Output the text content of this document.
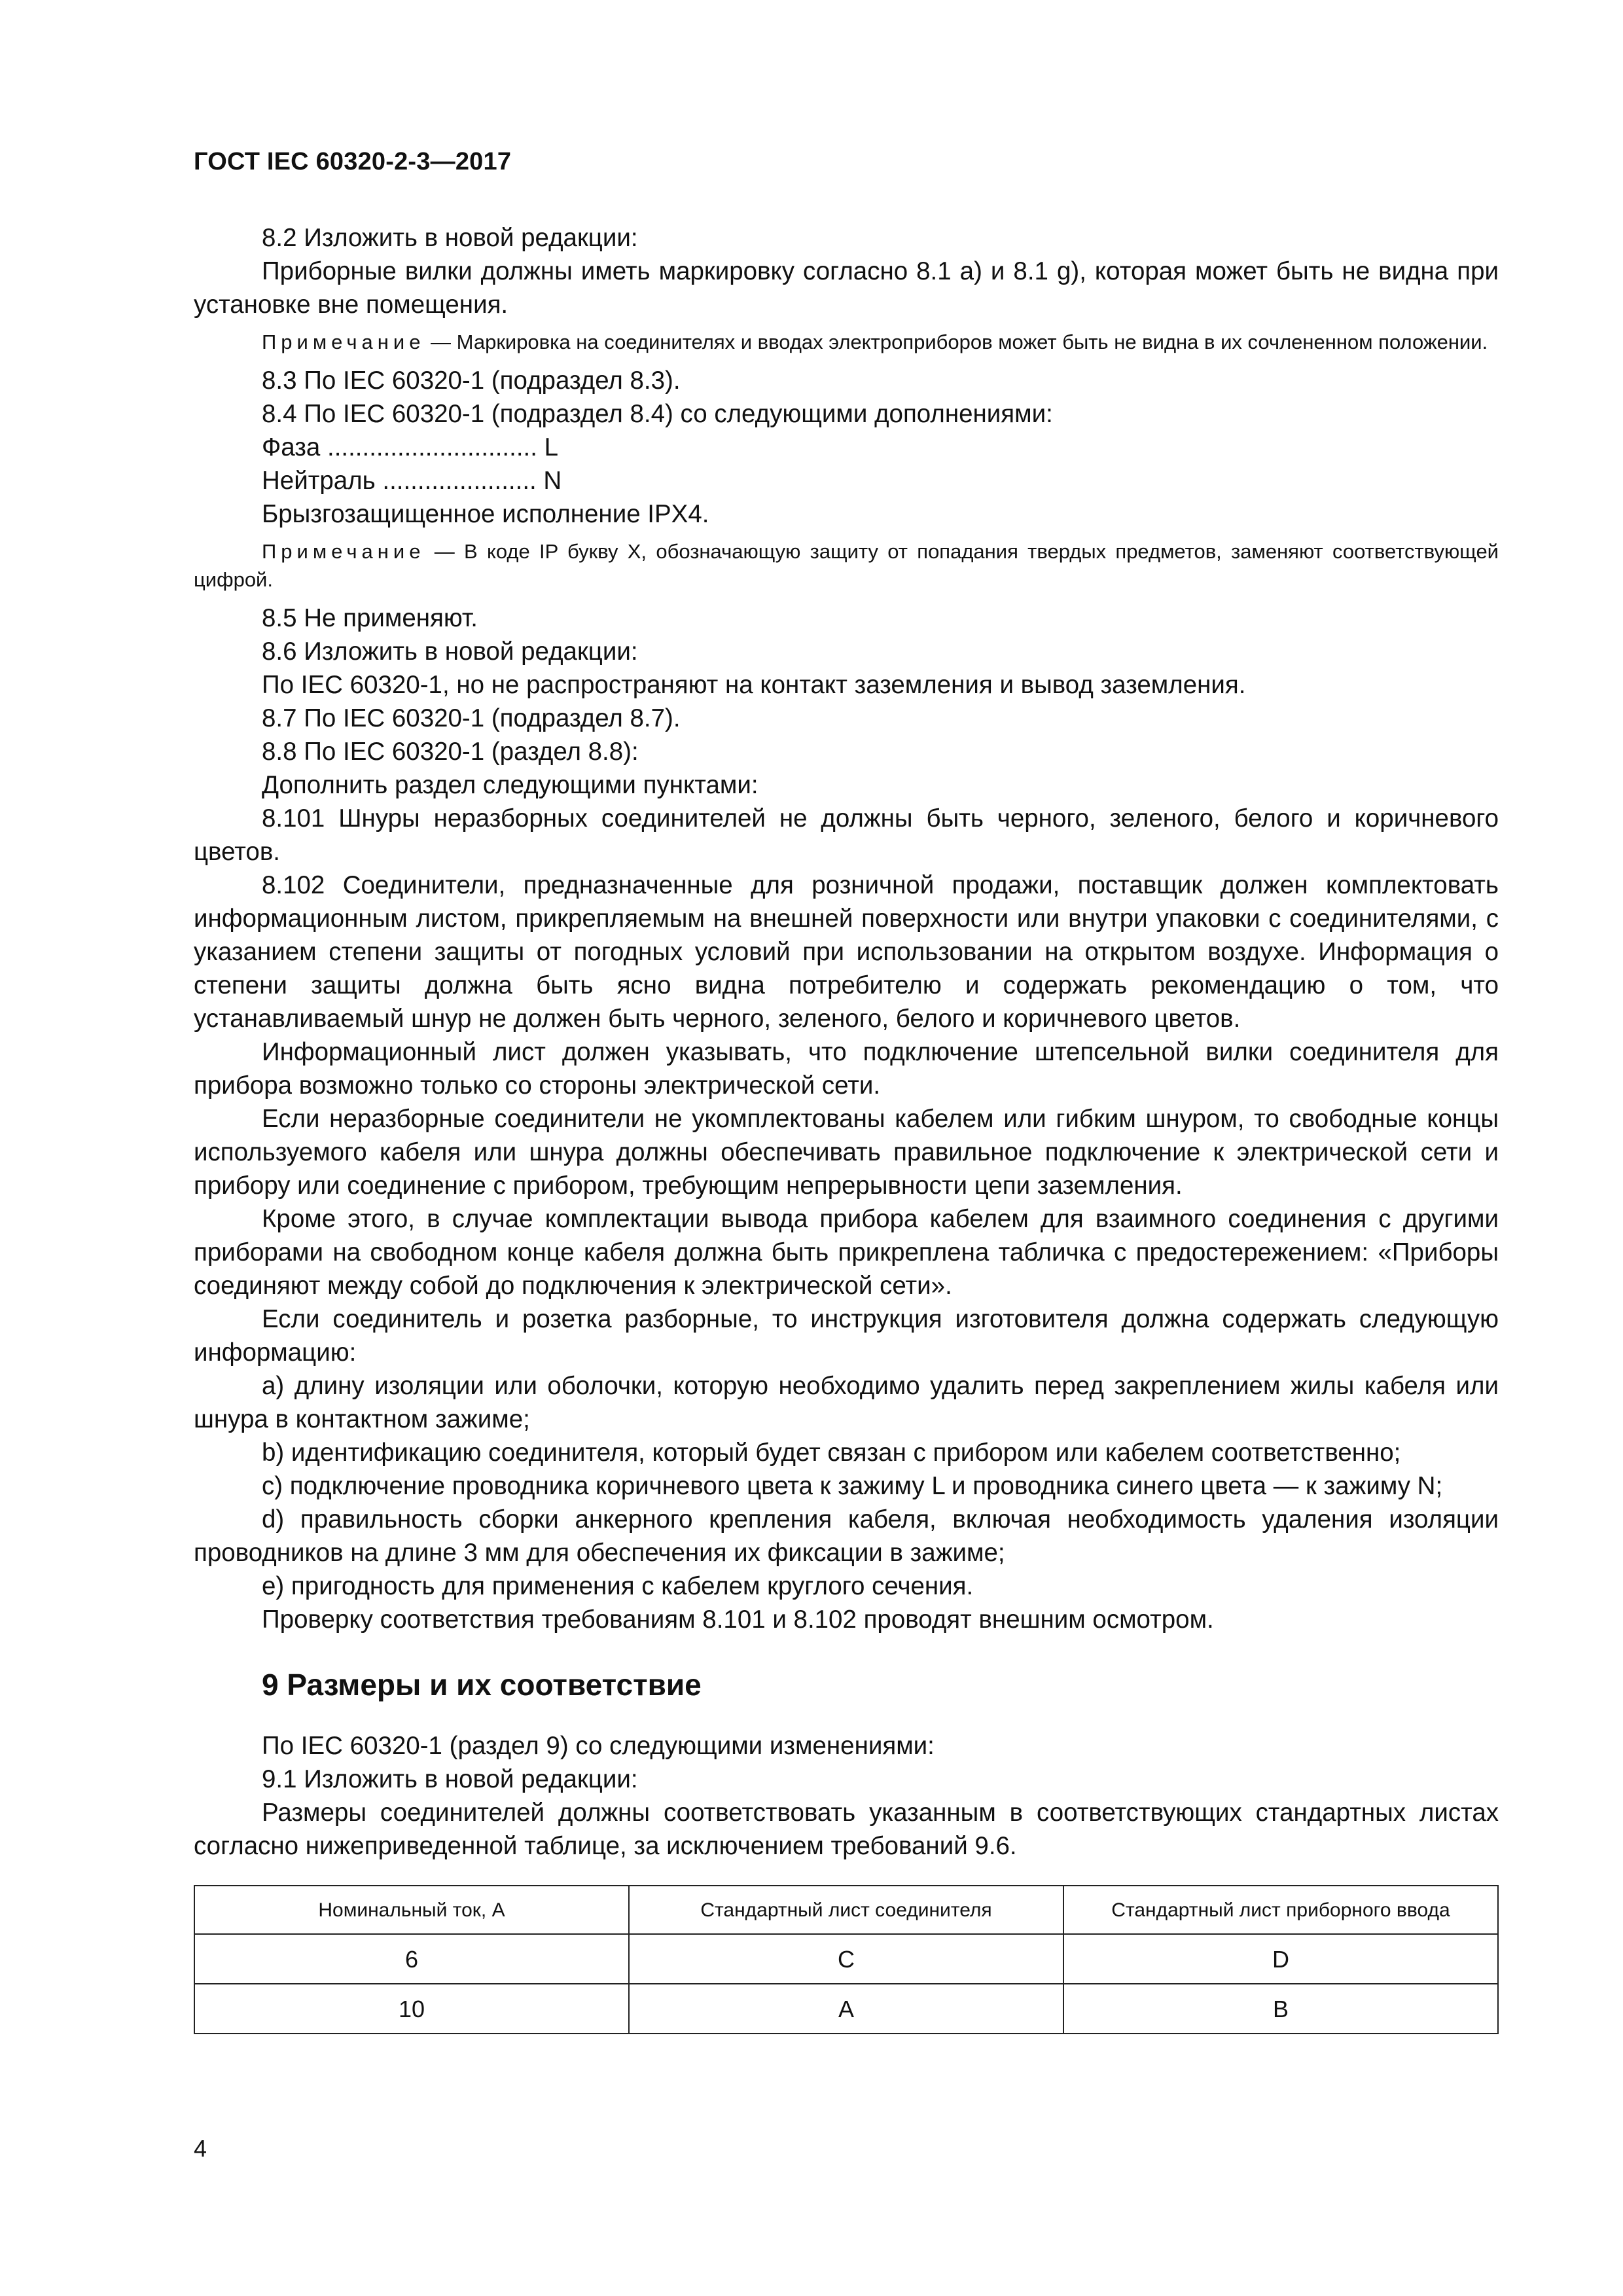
ГОСТ IEC 60320-2-3—2017

8.2 Изложить в новой редакции:

Приборные вилки должны иметь маркировку согласно 8.1 а) и 8.1 g), которая может быть не видна при установке вне помещения.

Примечание — Маркировка на соединителях и вводах электроприборов может быть не видна в их сочлененном положении.

8.3 По IEC 60320-1 (подраздел 8.3).

8.4 По IEC 60320-1 (подраздел 8.4) со следующими дополнениями:

Фаза .............................. L

Нейтраль ...................... N

Брызгозащищенное исполнение IPX4.

Примечание — В коде IP букву X, обозначающую защиту от попадания твердых предметов, заменяют соответствующей цифрой.

8.5 Не применяют.

8.6 Изложить в новой редакции:

По IEC 60320-1, но не распространяют на контакт заземления и вывод заземления.

8.7 По IEC 60320-1 (подраздел 8.7).

8.8 По IEC 60320-1 (раздел 8.8):

Дополнить раздел следующими пунктами:

8.101 Шнуры неразборных соединителей не должны быть черного, зеленого, белого и коричневого цветов.

8.102 Соединители, предназначенные для розничной продажи, поставщик должен комплектовать информационным листом, прикрепляемым на внешней поверхности или внутри упаковки с соединителями, с указанием степени защиты от погодных условий при использовании на открытом воздухе. Информация о степени защиты должна быть ясно видна потребителю и содержать рекомендацию о том, что устанавливаемый шнур не должен быть черного, зеленого, белого и коричневого цветов.

Информационный лист должен указывать, что подключение штепсельной вилки соединителя для прибора возможно только со стороны электрической сети.

Если неразборные соединители не укомплектованы кабелем или гибким шнуром, то свободные концы используемого кабеля или шнура должны обеспечивать правильное подключение к электрической сети и прибору или соединение с прибором, требующим непрерывности цепи заземления.

Кроме этого, в случае комплектации вывода прибора кабелем для взаимного соединения с другими приборами на свободном конце кабеля должна быть прикреплена табличка с предостережением: «Приборы соединяют между собой до подключения к электрической сети».

Если соединитель и розетка разборные, то инструкция изготовителя должна содержать следующую информацию:

a) длину изоляции или оболочки, которую необходимо удалить перед закреплением жилы кабеля или шнура в контактном зажиме;

b) идентификацию соединителя, который будет связан с прибором или кабелем соответственно;

c) подключение проводника коричневого цвета к зажиму L и проводника синего цвета — к зажиму N;

d) правильность сборки анкерного крепления кабеля, включая необходимость удаления изоляции проводников на длине 3 мм для обеспечения их фиксации в зажиме;

e) пригодность для применения с кабелем круглого сечения.

Проверку соответствия требованиям 8.101 и 8.102 проводят внешним осмотром.

9 Размеры и их соответствие

По IEC 60320-1 (раздел 9) со следующими изменениями:

9.1 Изложить в новой редакции:

Размеры соединителей должны соответствовать указанным в соответствующих стандартных листах согласно нижеприведенной таблице, за исключением требований 9.6.

Номинальный ток, А	Стандартный лист соединителя	Стандартный лист приборного ввода
6	C	D
10	A	B
4
